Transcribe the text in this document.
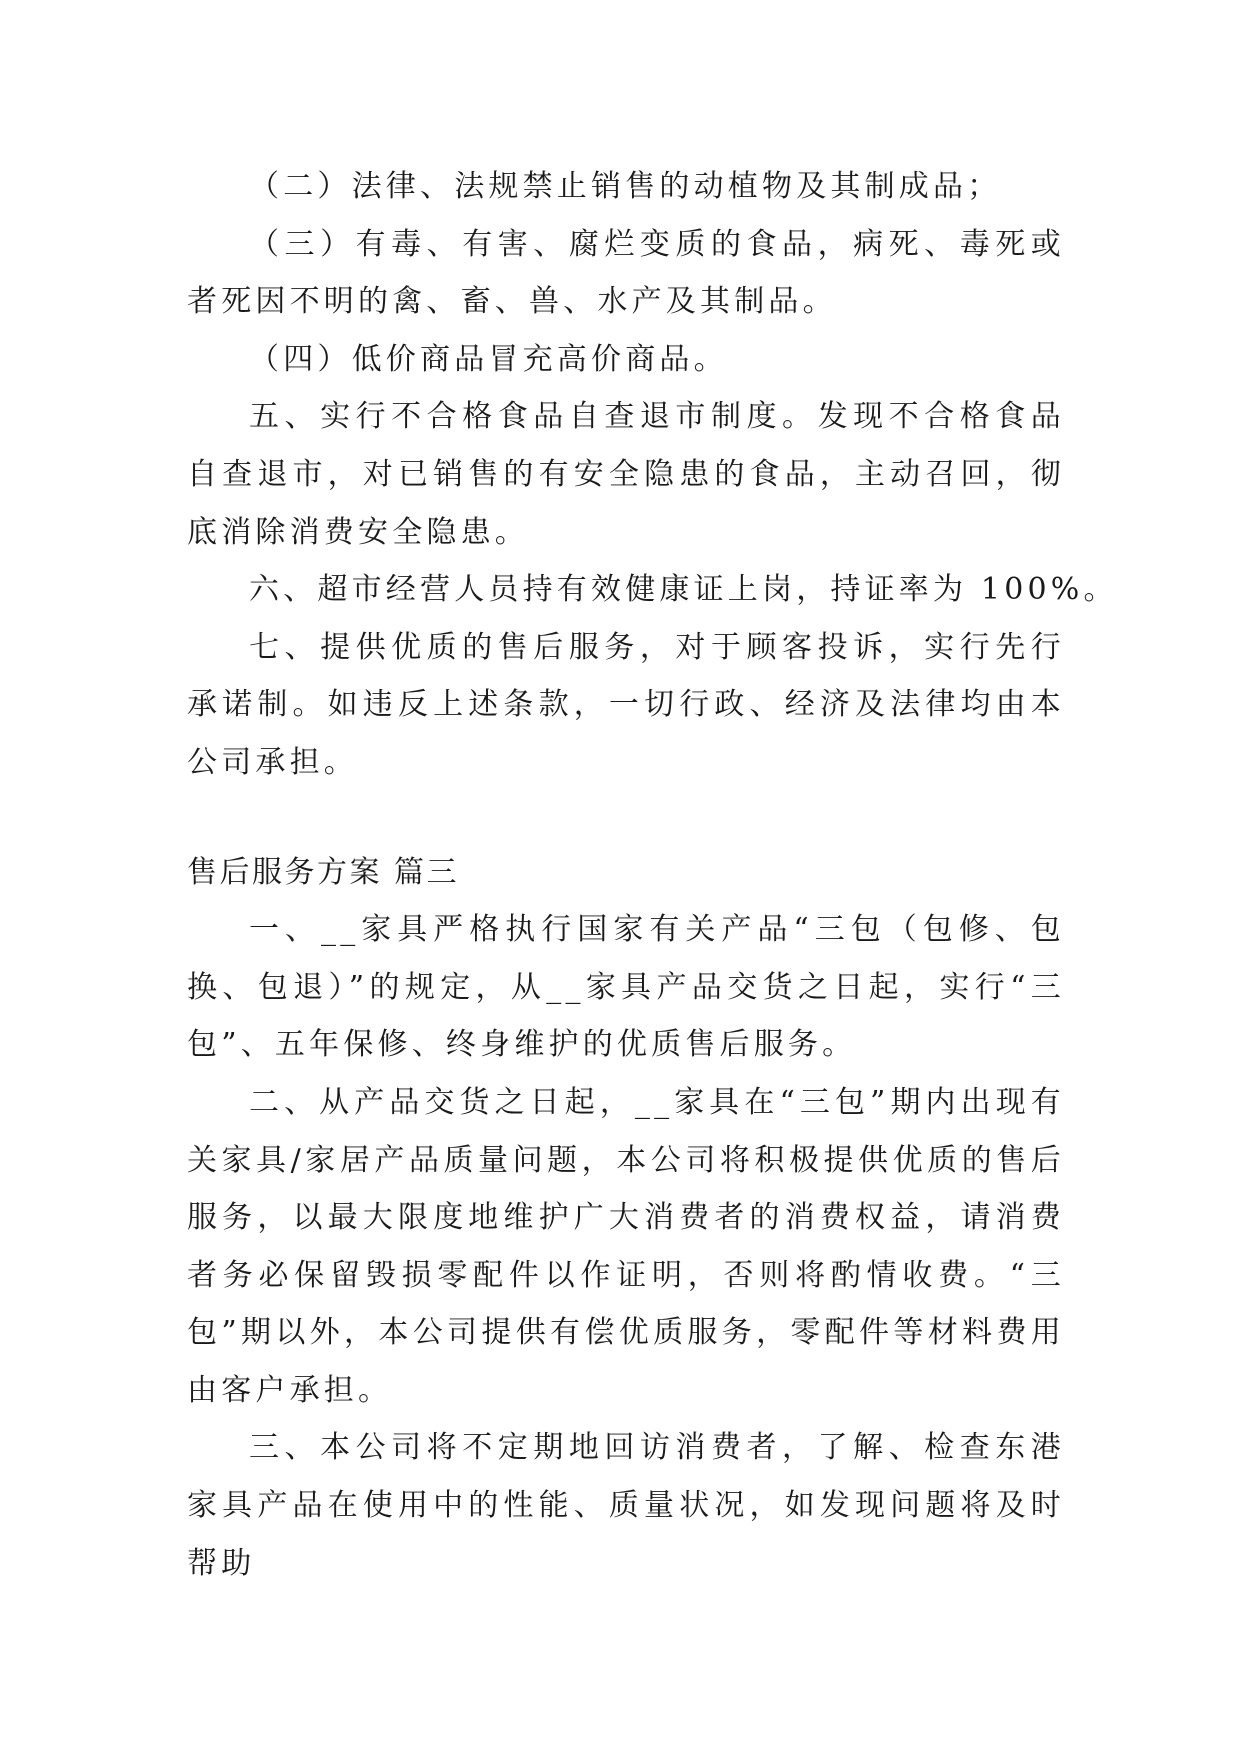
（二）法律、法规禁止销售的动植物及其制成品；

（三）有毒、有害、腐烂变质的食品，病死、毒死或者死因不明的禽、畜、兽、水产及其制品。

（四）低价商品冒充高价商品。

五、实行不合格食品自查退市制度。发现不合格食品自查退市，对已销售的有安全隐患的食品，主动召回，彻底消除消费安全隐患。

六、超市经营人员持有效健康证上岗，持证率为 100%。

七、提供优质的售后服务，对于顾客投诉，实行先行承诺制。如违反上述条款，一切行政、经济及法律均由本公司承担。

售后服务方案 篇三

一、__家具严格执行国家有关产品“三包（包修、包换、包退）”的规定，从__家具产品交货之日起，实行“三包”、五年保修、终身维护的优质售后服务。

二、从产品交货之日起，__家具在“三包”期内出现有关家具/家居产品质量问题，本公司将积极提供优质的售后服务，以最大限度地维护广大消费者的消费权益，请消费者务必保留毁损零配件以作证明，否则将酌情收费。“三包”期以外，本公司提供有偿优质服务，零配件等材料费用由客户承担。

三、本公司将不定期地回访消费者，了解、检查东港家具产品在使用中的性能、质量状况，如发现问题将及时帮助
